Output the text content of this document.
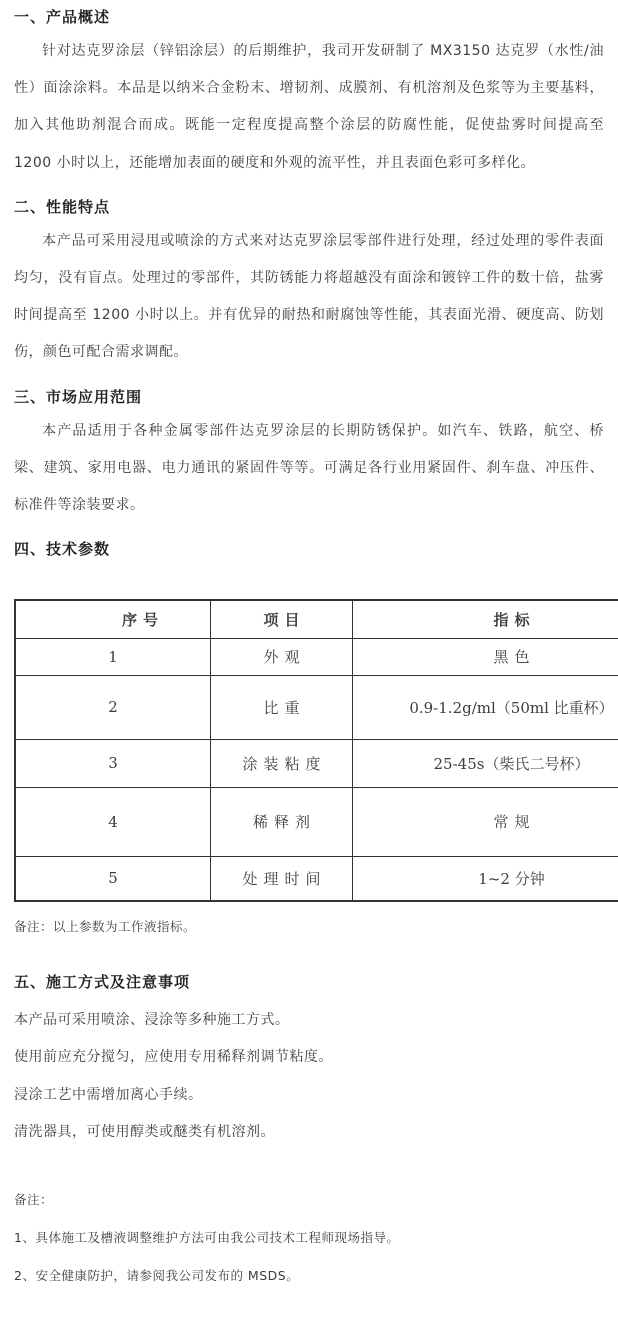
一、产品概述

针对达克罗涂层（锌铝涂层）的后期维护，我司开发研制了 MX3150 达克罗（水性/油性）面涂涂料。本品是以纳米合金粉末、增韧剂、成膜剂、有机溶剂及色浆等为主要基料，加入其他助剂混合而成。既能一定程度提高整个涂层的防腐性能，促使盐雾时间提高至 1200 小时以上，还能增加表面的硬度和外观的流平性，并且表面色彩可多样化。

二、性能特点

本产品可采用浸甩或喷涂的方式来对达克罗涂层零部件进行处理，经过处理的零件表面均匀，没有盲点。处理过的零部件，其防锈能力将超越没有面涂和镀锌工件的数十倍，盐雾时间提高至 1200 小时以上。并有优异的耐热和耐腐蚀等性能，其表面光滑、硬度高、防划伤，颜色可配合需求调配。

三、市场应用范围

本产品适用于各种金属零部件达克罗涂层的长期防锈保护。如汽车、铁路，航空、桥梁、建筑、家用电器、电力通讯的紧固件等等。可满足各行业用紧固件、刹车盘、冲压件、标准件等涂装要求。

四、技术参数
序号	项目	指标
1	外观	黑色
2	比重	0.9-1.2g/ml（50ml 比重杯）
3	涂装粘度	25-45s（柴氏二号杯）
4	稀释剂	常规
5	处理时间	1~2 分钟

备注：以上参数为工作液指标。

五、施工方式及注意事项

本产品可采用喷涂、浸涂等多种施工方式。

使用前应充分搅匀，应使用专用稀释剂调节粘度。

浸涂工艺中需增加离心手续。

清洗器具，可使用醇类或醚类有机溶剂。

备注：

1、具体施工及槽液调整维护方法可由我公司技术工程师现场指导。

2、安全健康防护，请参阅我公司发布的 MSDS。
